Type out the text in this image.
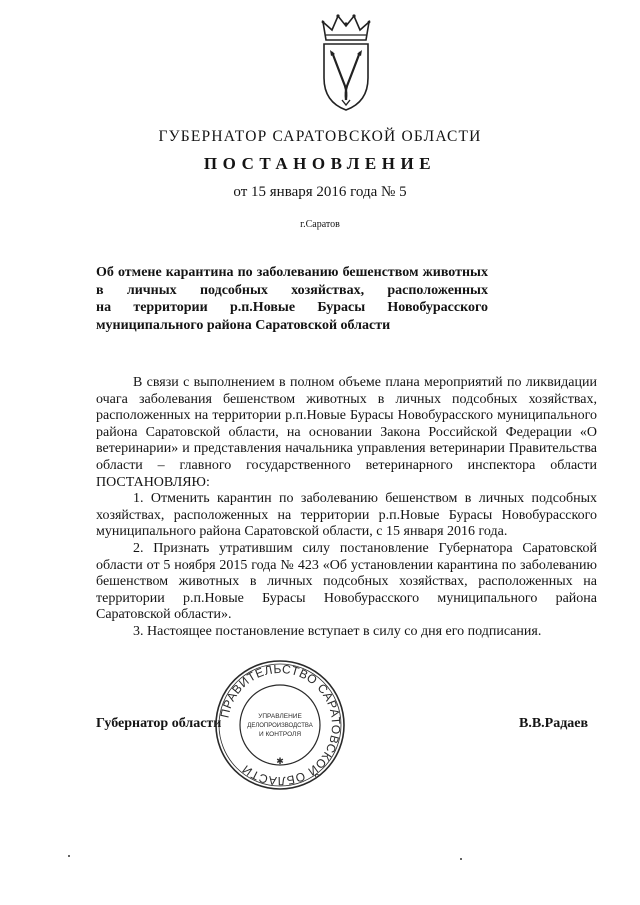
ГУБЕРНАТОР САРАТОВСКОЙ ОБЛАСТИ
ПОСТАНОВЛЕНИЕ
от 15 января 2016 года № 5
г.Саратов
Об отмене карантина по заболеванию бешенством животных
в личных подсобных хозяйствах, расположенных
на территории р.п.Новые Бурасы Новобурасского
муниципального района Саратовской области

В связи с выполнением в полном объеме плана мероприятий по ликвидации очага заболевания бешенством животных в личных подсобных хозяйствах, расположенных на территории р.п.Новые Бурасы Новобурасского муниципального района Саратовской области, на основании Закона Российской Федерации «О ветеринарии» и представления начальника управления ветеринарии Правительства области – главного государственного ветеринарного инспектора области ПОСТАНОВЛЯЮ:

1. Отменить карантин по заболеванию бешенством в личных подсобных хозяйствах, расположенных на территории р.п.Новые Бурасы Новобурасского муниципального района Саратовской области, с 15 января 2016 года.

2. Признать утратившим силу постановление Губернатора Саратовской области от 5 ноября 2015 года № 423 «Об установлении карантина по заболеванию бешенством животных в личных подсобных хозяйствах, расположенных на территории р.п.Новые Бурасы Новобурасского муниципального района Саратовской области».

3. Настоящее постановление вступает в силу со дня его подписания.

Губернатор области	В.В.Радаев
ПРАВИТЕЛЬСТВО САРАТОВСКОЙ ОБЛАСТИ	✱
УПРАВЛЕНИЕ
ДЕЛОПРОИЗВОДСТВА
И КОНТРОЛЯ
